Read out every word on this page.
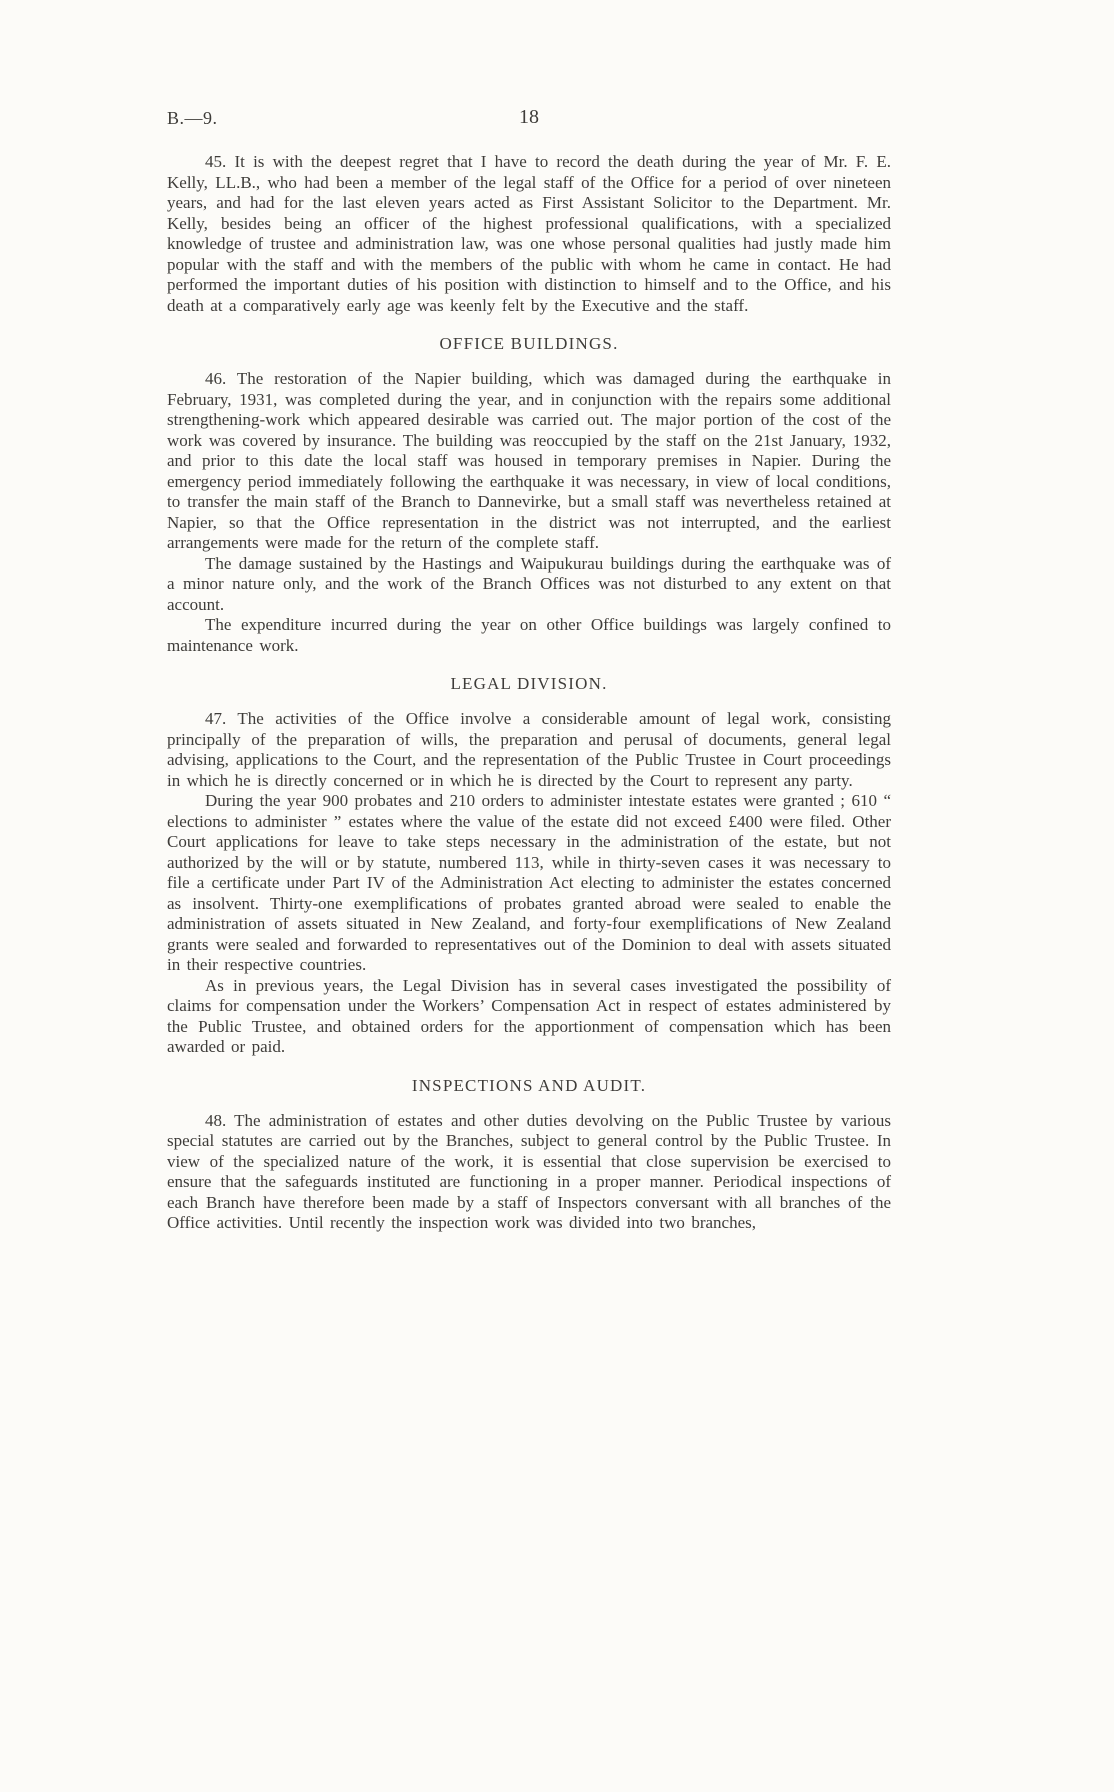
B.—9.	18

45. It is with the deepest regret that I have to record the death during the year of Mr. F. E. Kelly, LL.B., who had been a member of the legal staff of the Office for a period of over nineteen years, and had for the last eleven years acted as First Assistant Solicitor to the Department. Mr. Kelly, besides being an officer of the highest professional qualifications, with a specialized knowledge of trustee and administration law, was one whose personal qualities had justly made him popular with the staff and with the members of the public with whom he came in contact. He had performed the important duties of his position with distinction to himself and to the Office, and his death at a comparatively early age was keenly felt by the Executive and the staff.

OFFICE BUILDINGS.

46. The restoration of the Napier building, which was damaged during the earthquake in February, 1931, was completed during the year, and in conjunction with the repairs some additional strengthening-work which appeared desirable was carried out. The major portion of the cost of the work was covered by insurance. The building was reoccupied by the staff on the 21st January, 1932, and prior to this date the local staff was housed in temporary premises in Napier. During the emergency period immediately following the earthquake it was necessary, in view of local conditions, to transfer the main staff of the Branch to Dannevirke, but a small staff was nevertheless retained at Napier, so that the Office representation in the district was not interrupted, and the earliest arrangements were made for the return of the complete staff.

The damage sustained by the Hastings and Waipukurau buildings during the earthquake was of a minor nature only, and the work of the Branch Offices was not disturbed to any extent on that account.

The expenditure incurred during the year on other Office buildings was largely confined to maintenance work.

LEGAL DIVISION.

47. The activities of the Office involve a considerable amount of legal work, consisting principally of the preparation of wills, the preparation and perusal of documents, general legal advising, applications to the Court, and the representation of the Public Trustee in Court proceedings in which he is directly concerned or in which he is directed by the Court to represent any party.

During the year 900 probates and 210 orders to administer intestate estates were granted ; 610 “ elections to administer ” estates where the value of the estate did not exceed £400 were filed. Other Court applications for leave to take steps necessary in the administration of the estate, but not authorized by the will or by statute, numbered 113, while in thirty-seven cases it was necessary to file a certificate under Part IV of the Administration Act electing to administer the estates concerned as insolvent. Thirty-one exemplifications of probates granted abroad were sealed to enable the administration of assets situated in New Zealand, and forty-four exemplifications of New Zealand grants were sealed and forwarded to representatives out of the Dominion to deal with assets situated in their respective countries.

As in previous years, the Legal Division has in several cases investigated the possibility of claims for compensation under the Workers’ Compensation Act in respect of estates administered by the Public Trustee, and obtained orders for the apportionment of compensation which has been awarded or paid.

INSPECTIONS AND AUDIT.

48. The administration of estates and other duties devolving on the Public Trustee by various special statutes are carried out by the Branches, subject to general control by the Public Trustee. In view of the specialized nature of the work, it is essential that close supervision be exercised to ensure that the safeguards instituted are functioning in a proper manner. Periodical inspections of each Branch have therefore been made by a staff of Inspectors conversant with all branches of the Office activities. Until recently the inspection work was divided into two branches,
